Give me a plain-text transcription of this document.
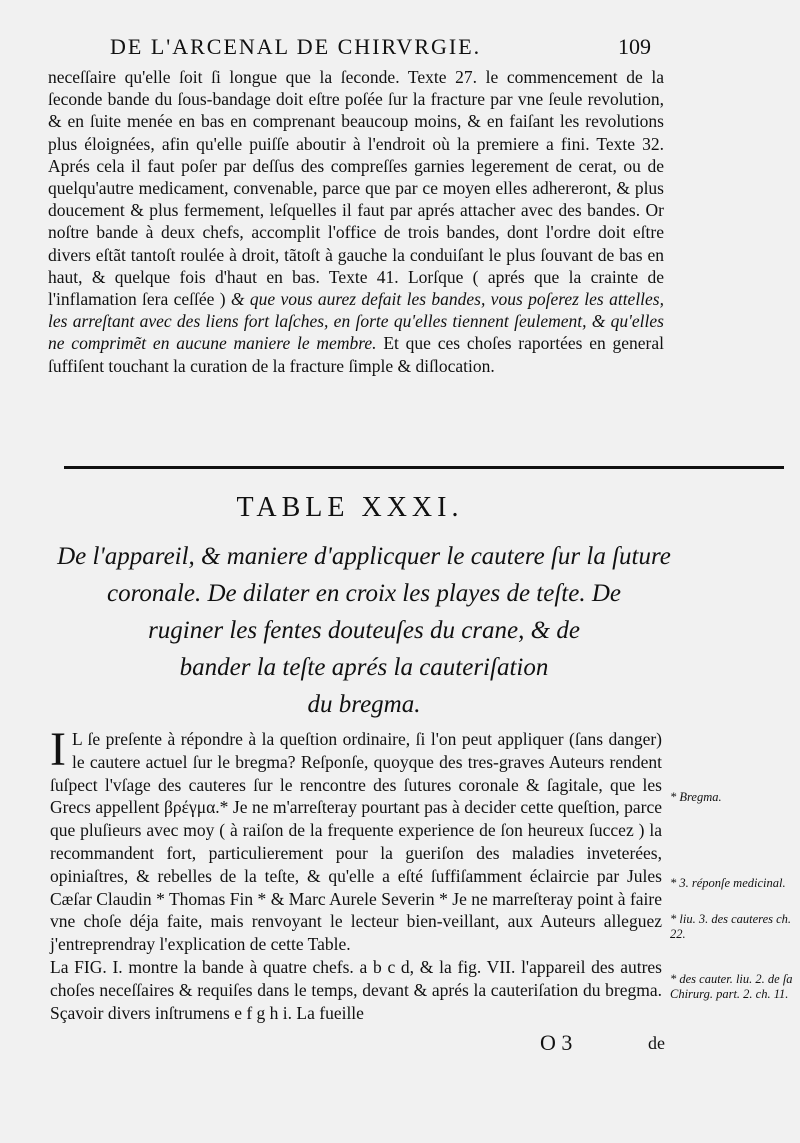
DE L'ARCENAL DE CHIRVRGIE.	109

neceſſaire qu'elle ſoit ſi longue que la ſeconde. Texte 27. le commencement de la ſeconde bande du ſous-bandage doit eſtre poſée ſur la fracture par vne ſeule revolution, & en ſuite menée en bas en comprenant beaucoup moins, & en faiſant les revolutions plus éloignées, afin qu'elle puiſſe aboutir à l'endroit où la premiere a fini. Texte 32. Aprés cela il faut poſer par deſſus des compreſſes garnies legerement de cerat, ou de quelqu'autre medicament, convenable, parce que par ce moyen elles adhereront, & plus doucement & plus fermement, leſquelles il faut par aprés attacher avec des bandes. Or noſtre bande à deux chefs, accomplit l'office de trois bandes, dont l'ordre doit eſtre divers eſtãt tantoſt roulée à droit, tãtoſt à gauche la conduiſant le plus ſouvant de bas en haut, & quelque fois d'haut en bas. Texte 41. Lorſque ( aprés que la crainte de l'inflamation ſera ceſſée ) & que vous aurez defait les bandes, vous poſerez les attelles, les arreſtant avec des liens fort laſches, en ſorte qu'elles tiennent ſeulement, & qu'elles ne comprimẽt en aucune maniere le membre. Et que ces choſes raportées en general ſuffiſent touchant la curation de la fracture ſimple & diſlocation.

TABLE XXXI.

De l'appareil, & maniere d'applicquer le cautere ſur la ſuture

coronale. De dilater en croix les playes de teſte. De

ruginer les fentes douteuſes du crane, & de

bander la teſte aprés la cauteriſation

du bregma.

I L ſe preſente à répondre à la queſtion ordinaire, ſi l'on peut appliquer (ſans danger) le cautere actuel ſur le bregma? Reſponſe, quoyque des tres-graves Auteurs rendent ſuſpect l'vſage des cauteres ſur le rencontre des ſutures coronale & ſagitale, que les Grecs appellent βρέγμα.* Je ne m'arreſteray pourtant pas à decider cette queſtion, parce que pluſieurs avec moy ( à raiſon de la frequente experience de ſon heureux ſuccez ) la recommandent fort, particulierement pour la gueriſon des maladies inveterées, opiniaſtres, & rebelles de la teſte, & qu'elle a eſté ſuffiſamment éclaircie par Jules Cæſar Claudin * Thomas Fin * & Marc Aurele Severin * Je ne marreſteray point à faire vne choſe déja faite, mais renvoyant le lecteur bien-veillant, aux Auteurs alleguez j'entreprendray l'explication de cette Table.

La FIG. I. montre la bande à quatre chefs. a b c d, & la fig. VII. l'appareil des autres choſes neceſſaires & requiſes dans le temps, devant & aprés la cauteriſation du bregma. Sçavoir divers inſtrumens e f g h i. La fueille

* Bregma.

* 3. réponſe medicinal.

* liu. 3. des cauteres ch. 22.

* des cauter. liu. 2. de ſa Chirurg. part. 2. ch. 11.

O 3	de
